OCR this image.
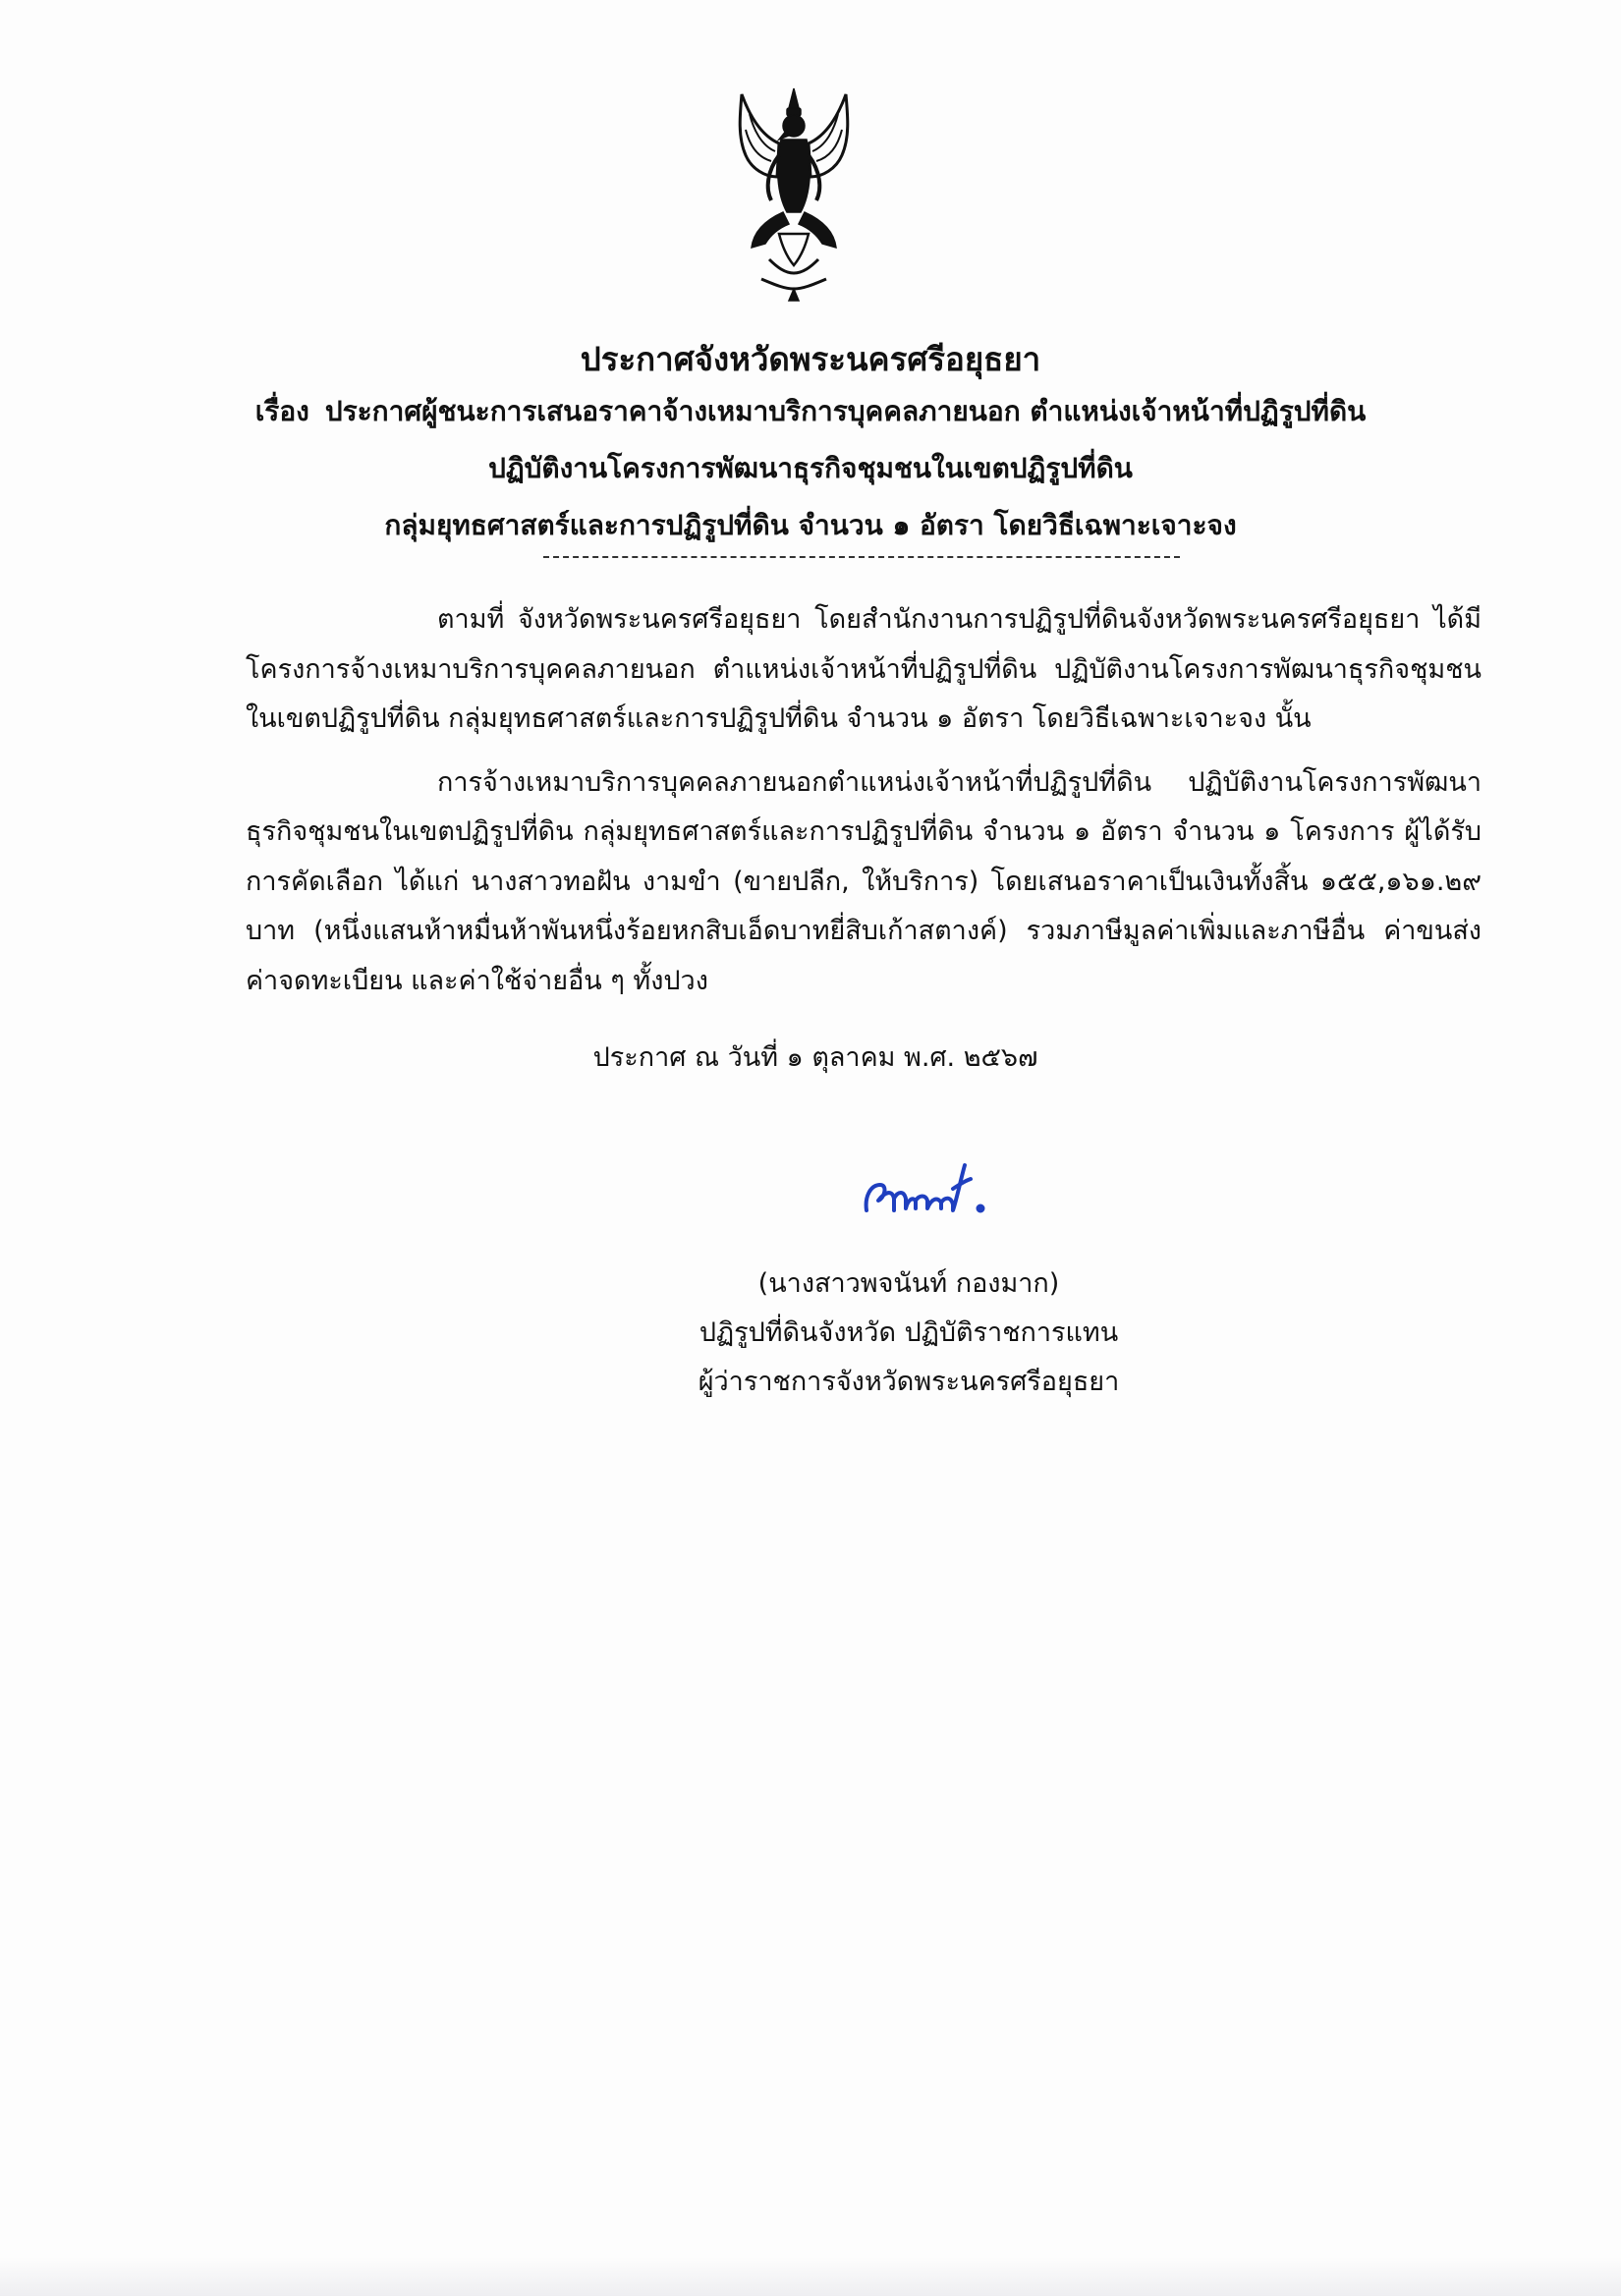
ประกาศจังหวัดพระนครศรีอยุธยา

เรื่อง ประกาศผู้ชนะการเสนอราคาจ้างเหมาบริการบุคคลภายนอก ตำแหน่งเจ้าหน้าที่ปฏิรูปที่ดิน

ปฏิบัติงานโครงการพัฒนาธุรกิจชุมชนในเขตปฏิรูปที่ดิน

กลุ่มยุทธศาสตร์และการปฏิรูปที่ดิน จำนวน ๑ อัตรา โดยวิธีเฉพาะเจาะจง

ตามที่ จังหวัดพระนครศรีอยุธยา โดยสำนักงานการปฏิรูปที่ดินจังหวัดพระนครศรีอยุธยา ได้มีโครงการจ้างเหมาบริการบุคคลภายนอก ตำแหน่งเจ้าหน้าที่ปฏิรูปที่ดิน ปฏิบัติงานโครงการพัฒนาธุรกิจชุมชนในเขตปฏิรูปที่ดิน กลุ่มยุทธศาสตร์และการปฏิรูปที่ดิน จำนวน ๑ อัตรา โดยวิธีเฉพาะเจาะจง นั้น

การจ้างเหมาบริการบุคคลภายนอกตำแหน่งเจ้าหน้าที่ปฏิรูปที่ดิน ปฏิบัติงานโครงการพัฒนาธุรกิจชุมชนในเขตปฏิรูปที่ดิน กลุ่มยุทธศาสตร์และการปฏิรูปที่ดิน จำนวน ๑ อัตรา จำนวน ๑ โครงการ ผู้ได้รับการคัดเลือก ได้แก่ นางสาวทอฝัน งามขำ (ขายปลีก, ให้บริการ) โดยเสนอราคาเป็นเงินทั้งสิ้น ๑๕๕,๑๖๑.๒๙ บาท (หนึ่งแสนห้าหมื่นห้าพันหนึ่งร้อยหกสิบเอ็ดบาทยี่สิบเก้าสตางค์) รวมภาษีมูลค่าเพิ่มและภาษีอื่น ค่าขนส่ง ค่าจดทะเบียน และค่าใช้จ่ายอื่น ๆ ทั้งปวง

ประกาศ ณ วันที่ ๑ ตุลาคม พ.ศ. ๒๕๖๗
(นางสาวพจนันท์ กองมาก)
ปฏิรูปที่ดินจังหวัด ปฏิบัติราชการแทน
ผู้ว่าราชการจังหวัดพระนครศรีอยุธยา
